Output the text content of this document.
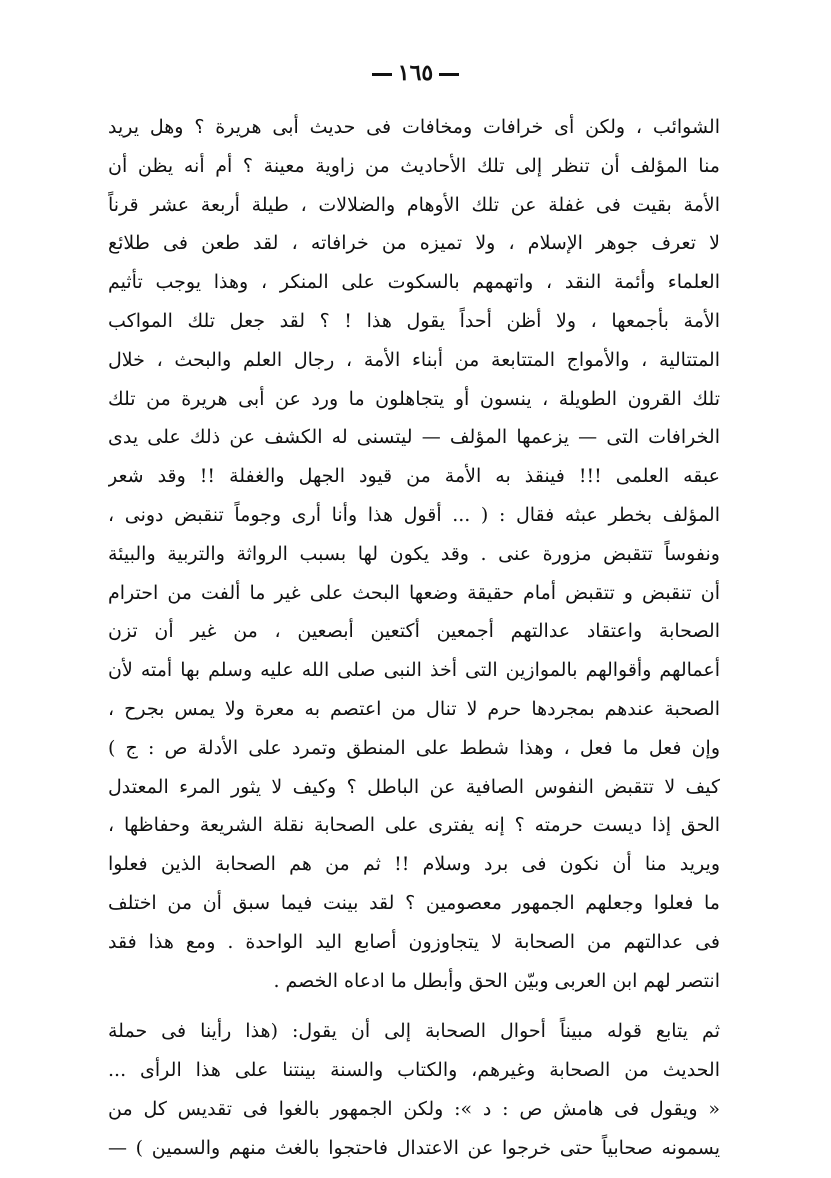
١٦٥
الشوائب ، ولكن أى خرافات ومخافات فى حديث أبى هريرة ؟ وهل يريد
منا المؤلف أن تنظر إلى تلك الأحاديث من زاوية معينة ؟ أم أنه يظن أن
الأمة بقيت فى غفلة عن تلك الأوهام والضلالات ، طيلة أربعة عشر قرناً
لا تعرف جوهر الإسلام ، ولا تميزه من خرافاته ، لقد طعن فى طلائع
العلماء وأئمة النقد ، واتهمهم بالسكوت على المنكر ، وهذا يوجب تأثيم
الأمة بأجمعها ، ولا أظن أحداً يقول هذا ! ؟ لقد جعل تلك المواكب
المتتالية ، والأمواج المتتابعة من أبناء الأمة ، رجال العلم والبحث ، خلال
تلك القرون الطويلة ، ينسون أو يتجاهلون ما ورد عن أبى هريرة من تلك
الخرافات التى — يزعمها المؤلف — ليتسنى له الكشف عن ذلك على يدى
عبقه العلمى !!! فينقذ به الأمة من قيود الجهل والغفلة !! وقد شعر
المؤلف بخطر عبثه فقال : ( ... أقول هذا وأنا أرى وجوماً تنقبض دونى ،
ونفوساً تتقبض مزورة عنى . وقد يكون لها بسبب الرواثة والتربية والبيئة
أن تنقبض و تتقبض أمام حقيقة وضعها البحث على غير ما ألفت من احترام
الصحابة واعتقاد عدالتهم أجمعين أكتعين أبصعين ، من غير أن تزن
أعمالهم وأقوالهم بالموازين التى أخذ النبى صلى الله عليه وسلم بها أمته لأن
الصحبة عندهم بمجردها حرم لا تنال من اعتصم به معرة ولا يمس بجرح ،
وإن فعل ما فعل ، وهذا شطط على المنطق وتمرد على الأدلة ص : ج )
كيف لا تتقبض النفوس الصافية عن الباطل ؟ وكيف لا يثور المرء المعتدل
الحق إذا ديست حرمته ؟ إنه يفترى على الصحابة نقلة الشريعة وحفاظها ،
ويريد منا أن نكون فى برد وسلام !! ثم من هم الصحابة الذين فعلوا
ما فعلوا وجعلهم الجمهور معصومين ؟ لقد بينت فيما سبق أن من اختلف
فى عدالتهم من الصحابة لا يتجاوزون أصابع اليد الواحدة . ومع هذا فقد
انتصر لهم ابن العربى وبيّن الحق وأبطل ما ادعاه الخصم .
ثم يتابع قوله مبيناً أحوال الصحابة إلى أن يقول: (هذا رأينا فى حملة
الحديث من الصحابة وغيرهم، والكتاب والسنة بينتنا على هذا الرأى ...
« ويقول فى هامش ص : د »: ولكن الجمهور بالغوا فى تقديس كل من
يسمونه صحابياً حتى خرجوا عن الاعتدال فاحتجوا بالغث منهم والسمين ) —
